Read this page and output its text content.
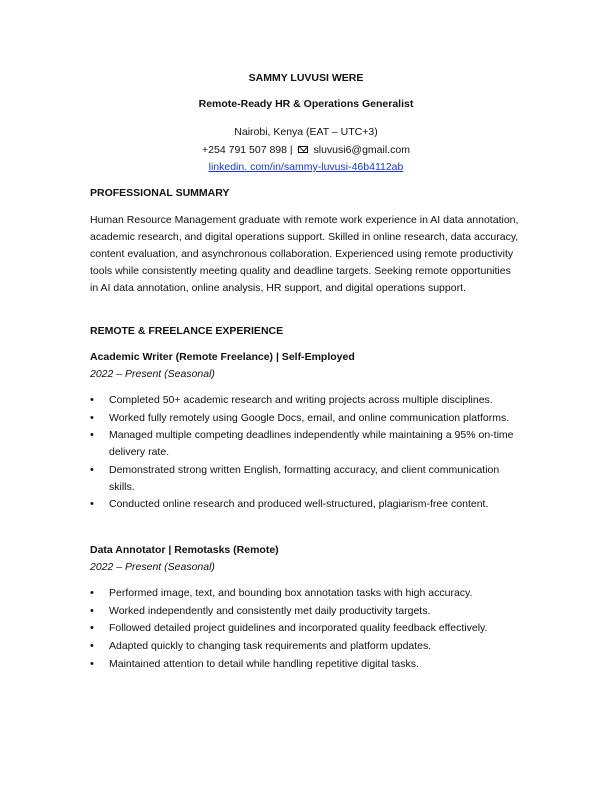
SAMMY LUVUSI WERE
Remote-Ready HR & Operations Generalist
Nairobi, Kenya (EAT – UTC+3)
+254 791 507 898 | sluvusi6@gmail.com
linkedin. com/in/sammy-luvusi-46b4112ab
PROFESSIONAL SUMMARY
Human Resource Management graduate with remote work experience in AI data annotation, academic research, and digital operations support. Skilled in online research, data accuracy, content evaluation, and asynchronous collaboration. Experienced using remote productivity tools while consistently meeting quality and deadline targets. Seeking remote opportunities in AI data annotation, online analysis, HR support, and digital operations support.
REMOTE & FREELANCE EXPERIENCE
Academic Writer (Remote Freelance) | Self-Employed
2022 – Present (Seasonal)
• Completed 50+ academic research and writing projects across multiple disciplines.
• Worked fully remotely using Google Docs, email, and online communication platforms.
• Managed multiple competing deadlines independently while maintaining a 95% on-time delivery rate.
• Demonstrated strong written English, formatting accuracy, and client communication skills.
• Conducted online research and produced well-structured, plagiarism-free content.
Data Annotator | Remotasks (Remote)
2022 – Present (Seasonal)
• Performed image, text, and bounding box annotation tasks with high accuracy.
• Worked independently and consistently met daily productivity targets.
• Followed detailed project guidelines and incorporated quality feedback effectively.
• Adapted quickly to changing task requirements and platform updates.
• Maintained attention to detail while handling repetitive digital tasks.
